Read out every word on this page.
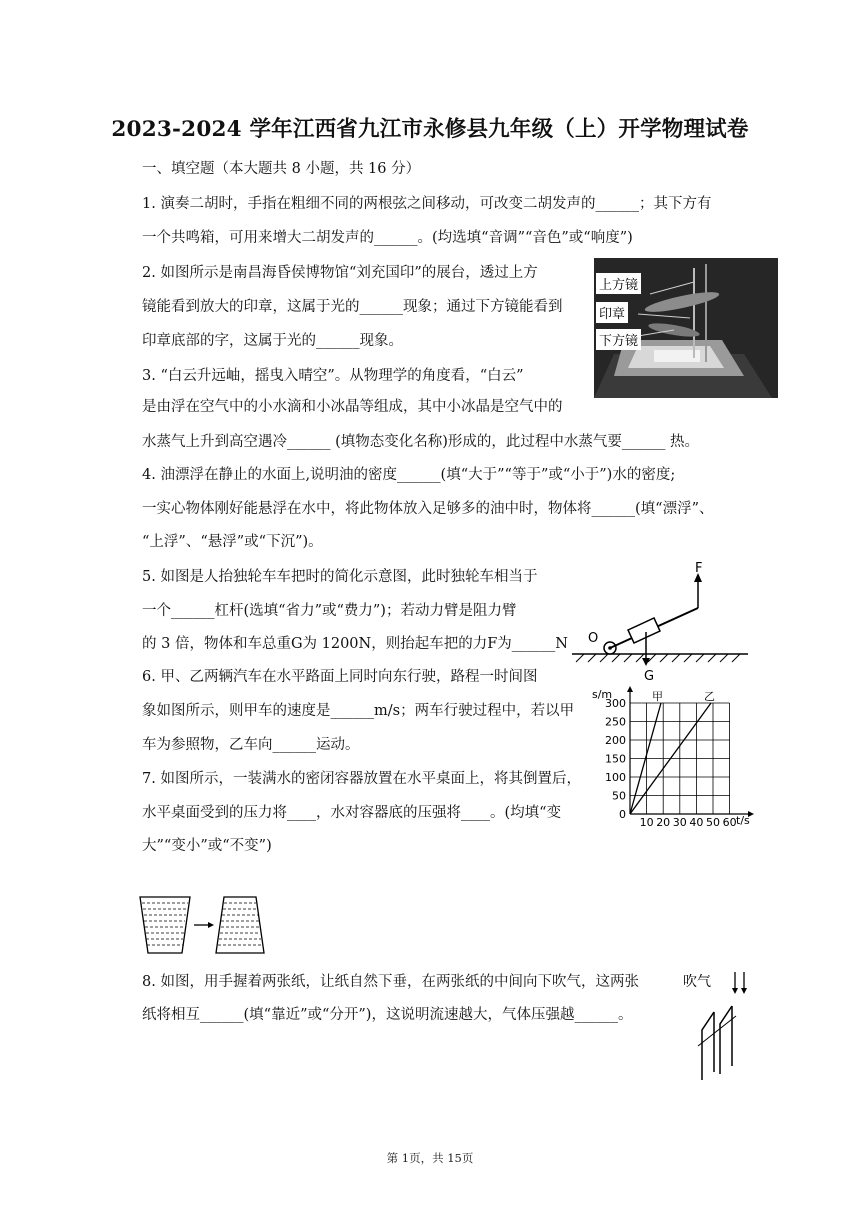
2023-2024 学年江西省九江市永修县九年级（上）开学物理试卷
一、填空题（本大题共 8 小题，共 16 分）
1. 演奏二胡时，手指在粗细不同的两根弦之间移动，可改变二胡发声的______；其下方有
一个共鸣箱，可用来增大二胡发声的______。(均选填“音调”“音色”或“响度”)
2. 如图所示是南昌海昏侯博物馆“刘充国印”的展台，透过上方
镜能看到放大的印章，这属于光的______现象；通过下方镜能看到
印章底部的字，这属于光的______现象。
3. “白云升远岫，摇曳入晴空”。从物理学的角度看，“白云”
是由浮在空气中的小水滴和小冰晶等组成，其中小冰晶是空气中的
水蒸气上升到高空遇冷______ (填物态变化名称)形成的，此过程中水蒸气要______ 热。
4. 油漂浮在静止的水面上,说明油的密度______(填“大于”“等于”或“小于”)水的密度;
一实心物体刚好能悬浮在水中，将此物体放入足够多的油中时，物体将______(填“漂浮”、
“上浮”、“悬浮”或“下沉”)。
5. 如图是人抬独轮车车把时的简化示意图，此时独轮车相当于
一个______杠杆(选填“省力”或“费力”)；若动力臂是阻力臂
的 3 倍，物体和车总重G为 1200N，则抬起车把的力F为______N
6. 甲、乙两辆汽车在水平路面上同时向东行驶，路程一时间图
象如图所示，则甲车的速度是______m/s；两车行驶过程中，若以甲
车为参照物，乙车向______运动。
7. 如图所示，一装满水的密闭容器放置在水平桌面上，将其倒置后，
水平桌面受到的压力将____，水对容器底的压强将____。(均填“变
大”“变小”或“不变”)
8. 如图，用手握着两张纸，让纸自然下垂，在两张纸的中间向下吹气，这两张
纸将相互______(填“靠近”或“分开”)，这说明流速越大，气体压强越______。
上方镜
印章
下方镜
F
O
G
300
250
200
150
100
50
0
10 20 30 40 50 60
s/m
t/s
甲	乙
吹气
第 1页，共 15页
